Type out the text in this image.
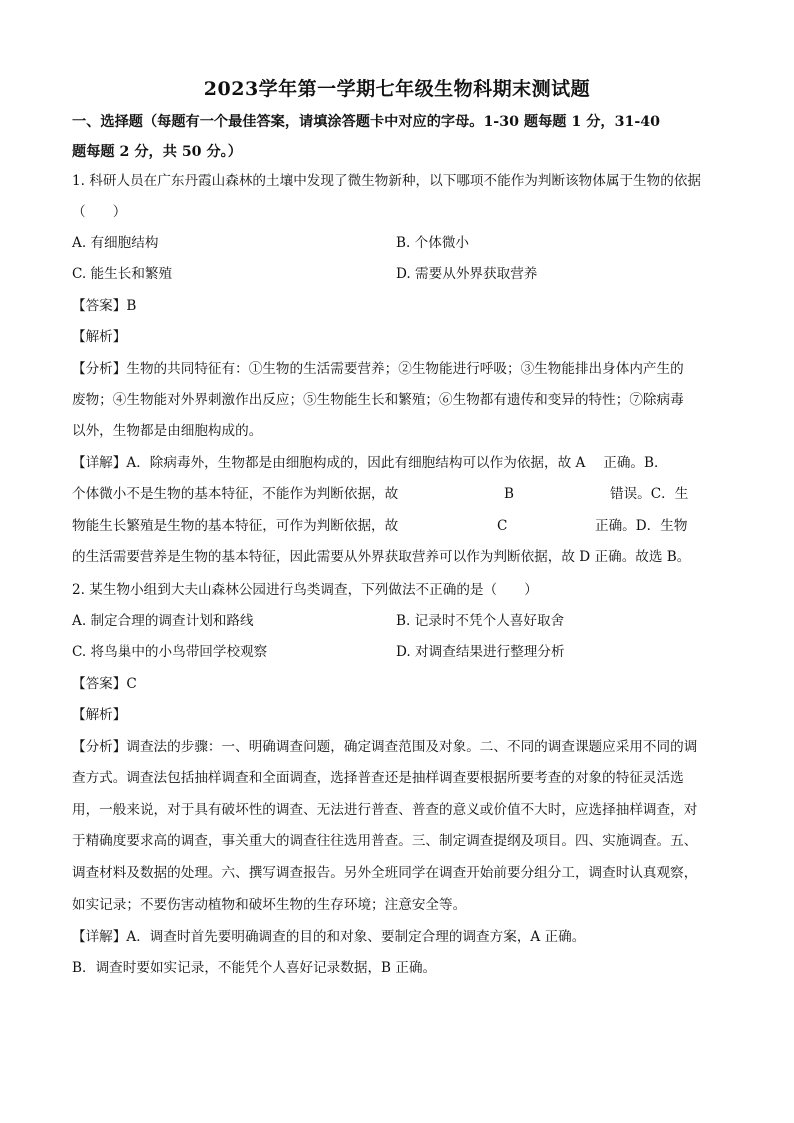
2023学年第一学期七年级生物科期末测试题
一、选择题（每题有一个最佳答案，请填涂答题卡中对应的字母。1-30 题每题 1 分，31-40
题每题 2 分，共 50 分。）
1. 科研人员在广东丹霞山森林的土壤中发现了微生物新种，以下哪项不能作为判断该物体属于生物的依据
（　　）
A. 有细胞结构	B. 个体微小
C. 能生长和繁殖	D. 需要从外界获取营养
【答案】B
【解析】
【分析】生物的共同特征有：①生物的生活需要营养；②生物能进行呼吸；③生物能排出身体内产生的
废物；④生物能对外界刺激作出反应；⑤生物能生长和繁殖；⑥生物都有遗传和变异的特性；⑦除病毒
以外，生物都是由细胞构成的。
【详解】A．除病毒外，生物都是由细胞构成的，因此有细胞结构可以作为依据，故 A　 正确。B．
个体微小不是生物的基本特征，不能作为判断依据，故	B	错误。C．生
物能生长繁殖是生物的基本特征，可作为判断依据，故	C	正确。D．生物
的生活需要营养是生物的基本特征，因此需要从外界获取营养可以作为判断依据，故 D 正确。故选 B。
2. 某生物小组到大夫山森林公园进行鸟类调查，下列做法不正确的是（　　）
A. 制定合理的调查计划和路线	B. 记录时不凭个人喜好取舍
C. 将鸟巢中的小鸟带回学校观察	D. 对调查结果进行整理分析
【答案】C
【解析】
【分析】调查法的步骤：一、明确调查问题，确定调查范围及对象。二、不同的调查课题应采用不同的调
查方式。调查法包括抽样调查和全面调查，选择普查还是抽样调查要根据所要考查的对象的特征灵活选
用，一般来说，对于具有破坏性的调查、无法进行普查、普查的意义或价值不大时，应选择抽样调查，对
于精确度要求高的调查，事关重大的调查往往选用普查。三、制定调查提纲及项目。四、实施调查。五、
调查材料及数据的处理。六、撰写调查报告。另外全班同学在调查开始前要分组分工，调查时认真观察，
如实记录；不要伤害动植物和破坏生物的生存环境；注意安全等。
【详解】A．调查时首先要明确调查的目的和对象、要制定合理的调查方案，A 正确。
B．调查时要如实记录，不能凭个人喜好记录数据，B 正确。
